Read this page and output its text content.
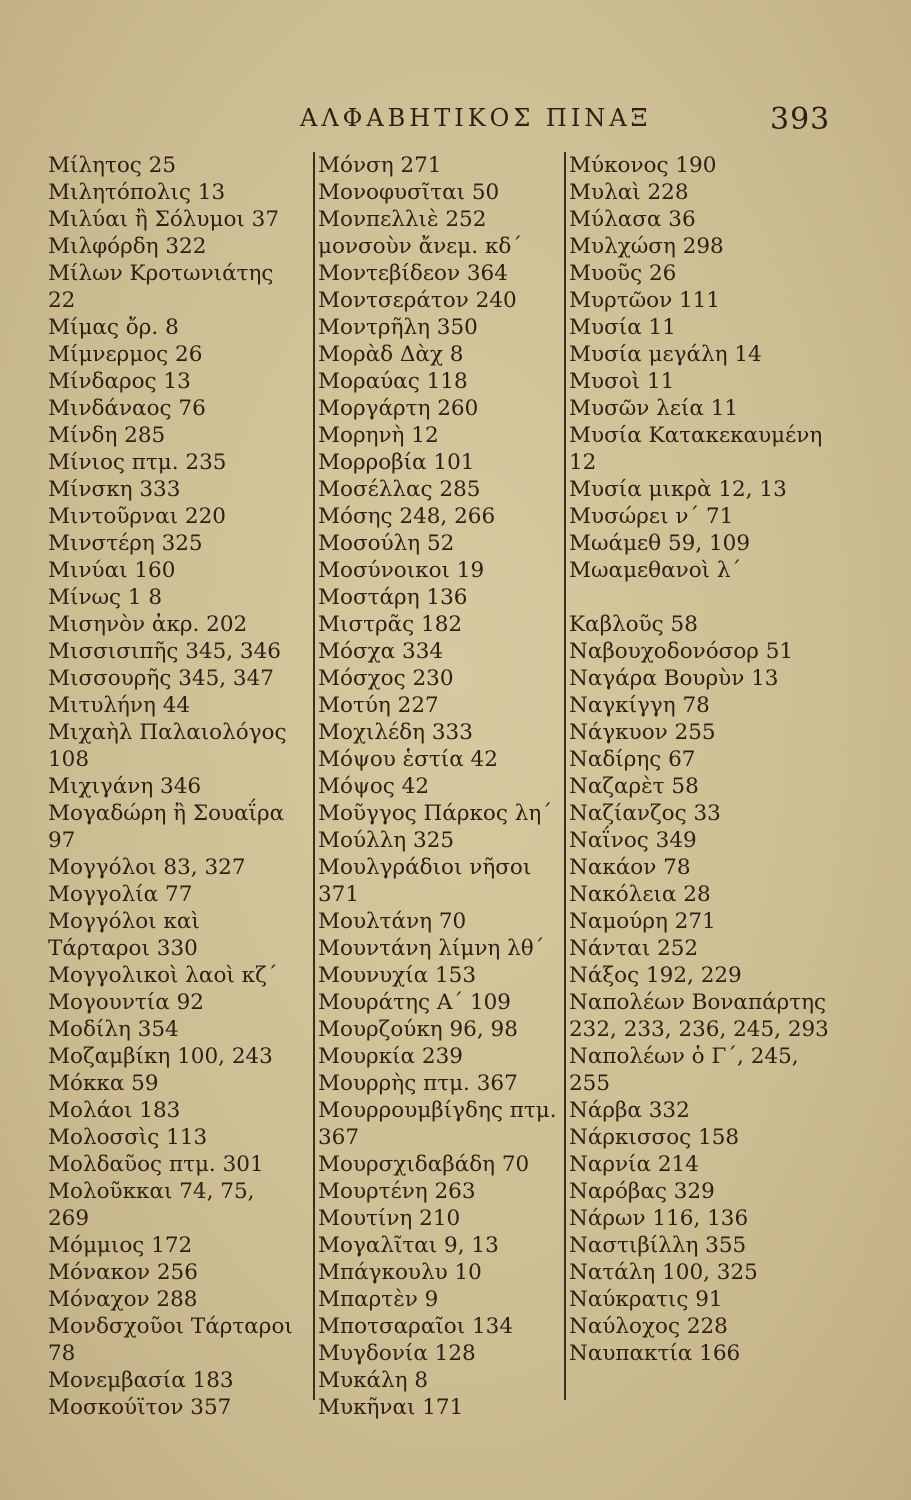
ΑΛΦΑΒΗΤΙΚΟΣ ΠΙΝΑΞ	393
Μίλητος 25
Μιλητόπολις 13
Μιλύαι ἢ Σόλυμοι 37
Μιλφόρδη 322
Μίλων Κροτωνιάτης 22
Μίμας ὄρ. 8
Μίμνερμος 26
Μίνδαρος 13
Μινδάναος 76
Μίνδη 285
Μίνιος πτμ. 235
Μίνσκη 333
Μιντοῦρναι 220
Μινστέρη 325
Μινύαι 160
Μίνως 1 8
Μισηνὸν ἀκρ. 202
Μισσισιπῆς 345, 346
Μισσουρῆς 345, 347
Μιτυλήνη 44
Μιχαὴλ Παλαιολόγος 108
Μιχιγάνη 346
Μογαδώρη ἢ Σουαΐρα 97
Μογγόλοι 83, 327
Μογγολία 77
Μογγόλοι καὶ Τάρταροι 330
Μογγολικοὶ λαοὶ κζ΄
Μογουντία 92
Μοδίλη 354
Μοζαμβίκη 100, 243
Μόκκα 59
Μολάοι 183
Μολοσσὶς 113
Μολδαῦος πτμ. 301
Μολοῦκκαι 74, 75, 269
Μόμμιος 172
Μόνακον 256
Μόναχον 288
Μονδσχοῦοι Τάρταροι 78
Μονεμβασία 183
Μοσκούϊτον 357
Μόνση 271
Μονοφυσῖται 50
Μονπελλιὲ 252
μονσοὺν ἄνεμ. κδ΄
Μοντεβίδεον 364
Μοντσεράτον 240
Μοντρῆλη 350
Μορὰδ Δὰχ 8
Μοραύας 118
Μοργάρτη 260
Μορηνὴ 12
Μορροβία 101
Μοσέλλας 285
Μόσης 248, 266
Μοσούλη 52
Μοσύνοικοι 19
Μοστάρη 136
Μιστρᾶς 182
Μόσχα 334
Μόσχος 230
Μοτύη 227
Μοχιλέδη 333
Μόψου ἑστία 42
Μόψος 42
Μοῦγγος Πάρκος λη΄
Μούλλη 325
Μουλγράδιοι νῆσοι 371
Μουλτάνη 70
Μουντάνη λίμνη λθ΄
Μουνυχία 153
Μουράτης Α΄ 109
Μουρζούκη 96, 98
Μουρκία 239
Μουρρὴς πτμ. 367
Μουρρουμβίγδης πτμ. 367
Μουρσχιδαβάδη 70
Μουρτένη 263
Μουτίνη 210
Μογαλῖται 9, 13
Μπάγκουλυ 10
Μπαρτὲν 9
Μποτσαραῖοι 134
Μυγδονία 128
Μυκάλη 8
Μυκῆναι 171
Μύκονος 190
Μυλαὶ 228
Μύλασα 36
Μυλχώση 298
Μυοῦς 26
Μυρτῶον 111
Μυσία 11
Μυσία μεγάλη 14
Μυσοὶ 11
Μυσῶν λεία 11
Μυσία Κατακεκαυμένη 12
Μυσία μικρὰ 12, 13
Μυσώρει ν΄ 71
Μωάμεθ 59, 109
Μωαμεθανοὶ λ΄
Καβλοῦς 58
Ναβουχοδονόσορ 51
Ναγάρα Βουρὺν 13
Ναγκίγγη 78
Νάγκυον 255
Ναδίρης 67
Ναζαρὲτ 58
Ναζίανζος 33
Ναΐνος 349
Νακάον 78
Νακόλεια 28
Ναμούρη 271
Νάνται 252
Νάξος 192, 229
Ναπολέων Βοναπάρτης 232, 233, 236, 245, 293
Ναπολέων ὁ Γ΄, 245, 255
Νάρβα 332
Νάρκισσος 158
Ναρνία 214
Ναρόβας 329
Νάρων 116, 136
Ναστιβίλλη 355
Νατάλη 100, 325
Ναύκρατις 91
Ναύλοχος 228
Ναυπακτία 166
